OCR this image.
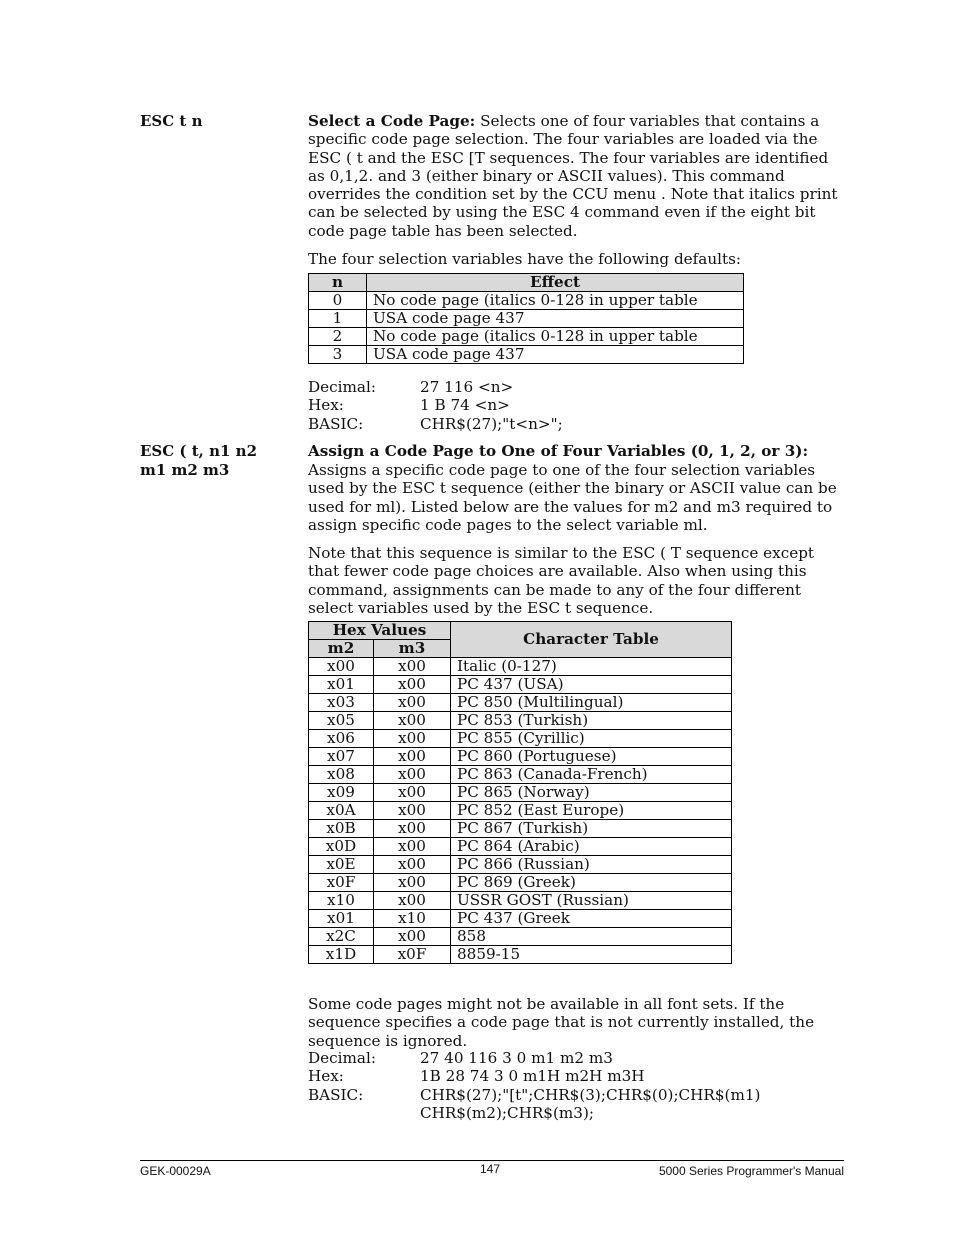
ESC t n	Select a Code Page: Selects one of four variables that contains a specific code page selection. The four variables are loaded via the ESC ( t and the ESC [T sequences. The four variables are identified as 0,1,2. and 3 (either binary or ASCII values). This command overrides the condition set by the CCU menu . Note that italics print can be selected by using the ESC 4 command even if the eight bit code page table has been selected.
The four selection variables have the following defaults:
n	Effect
0	No code page (italics 0-128 in upper table
1	USA code page 437
2	No code page (italics 0-128 in upper table
3	USA code page 437
Decimal:	27 116 <n>
Hex:	1 B 74 <n>
BASIC:	CHR$(27);"t<n>";
ESC ( t, n1 n2
m1 m2 m3
Assign a Code Page to One of Four Variables (0, 1, 2, or 3):
Assigns a specific code page to one of the four selection variables used by the ESC t sequence (either the binary or ASCII value can be used for ml). Listed below are the values for m2 and m3 required to assign specific code pages to the select variable ml.
Note that this sequence is similar to the ESC ( T sequence except that fewer code page choices are available. Also when using this command, assignments can be made to any of the four different select variables used by the ESC t sequence.
Hex Values		Character Table
m2	m3	
x00	x00	Italic (0-127)
x01	x00	PC 437 (USA)
x03	x00	PC 850 (Multilingual)
x05	x00	PC 853 (Turkish)
x06	x00	PC 855 (Cyrillic)
x07	x00	PC 860 (Portuguese)
x08	x00	PC 863 (Canada-French)
x09	x00	PC 865 (Norway)
x0A	x00	PC 852 (East Europe)
x0B	x00	PC 867 (Turkish)
x0D	x00	PC 864 (Arabic)
x0E	x00	PC 866 (Russian)
x0F	x00	PC 869 (Greek)
x10	x00	USSR GOST (Russian)
x01	x10	PC 437 (Greek
x2C	x00	858
x1D	x0F	8859-15
Some code pages might not be available in all font sets. If the sequence specifies a code page that is not currently installed, the sequence is ignored.
Decimal:	27 40 116 3 0 m1 m2 m3
Hex:	1B 28 74 3 0 m1H m2H m3H
BASIC:	CHR$(27);"[t";CHR$(3);CHR$(0);CHR$(m1)
CHR$(m2);CHR$(m3);
GEK-00029A	147	5000 Series Programmer's Manual
